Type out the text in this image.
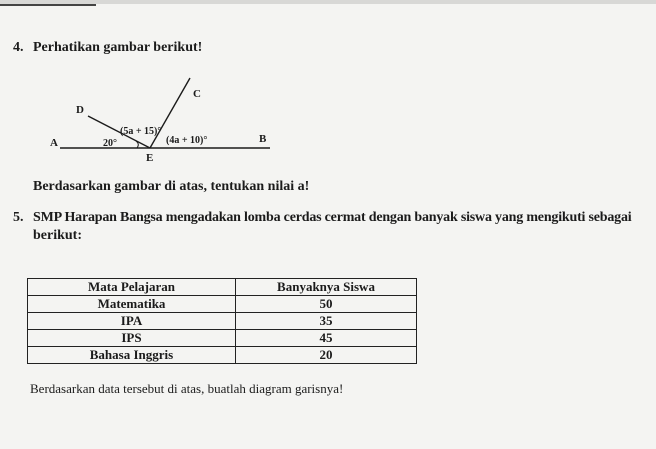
4. Perhatikan gambar berikut!
A	B
C
D
E
20°
(5a + 15)°
(4a + 10)°
Berdasarkan gambar di atas, tentukan nilai a!
5. SMP Harapan Bangsa mengadakan lomba cerdas cermat dengan banyak siswa yang mengikuti sebagai
berikut:
Mata Pelajaran	Banyaknya Siswa
Matematika	50
IPA	35
IPS	45
Bahasa Inggris	20
Berdasarkan data tersebut di atas, buatlah diagram garisnya!
